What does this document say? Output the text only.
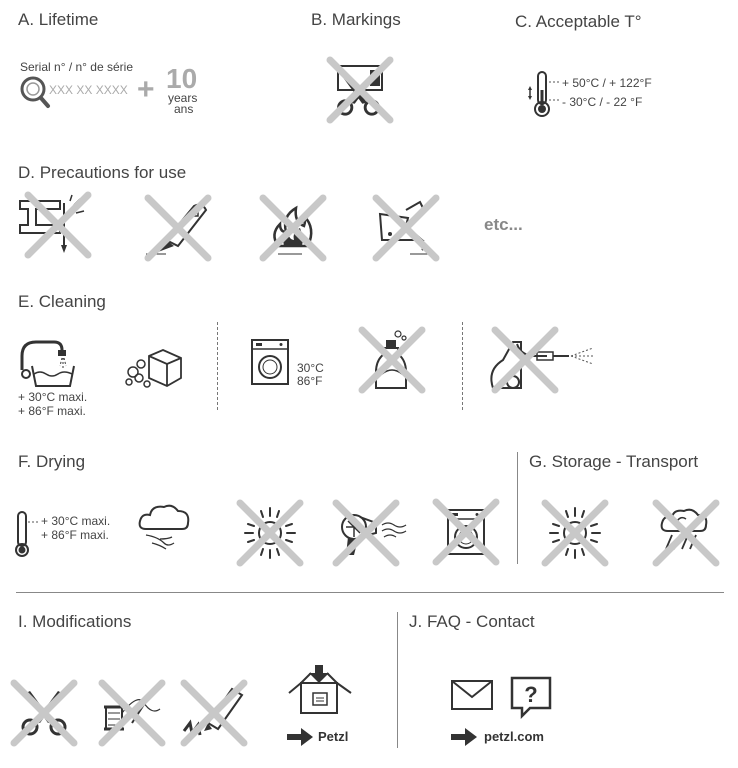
A. Lifetime
Serial n° / n° de série
XXX XX XXXX + 10
years
ans
B. Markings	C. Acceptable T°
+ 50°C / + 122°F
- 30°C / - 22 °F
D. Precautions for use
etc...
E. Cleaning
+ 30°C maxi.
+ 86°F maxi.
30°C
86°F
F. Drying
+ 30°C maxi.
+ 86°F maxi.
G. Storage - Transport
I. Modifications
Petzl
J. FAQ - Contact
?
petzl.com
